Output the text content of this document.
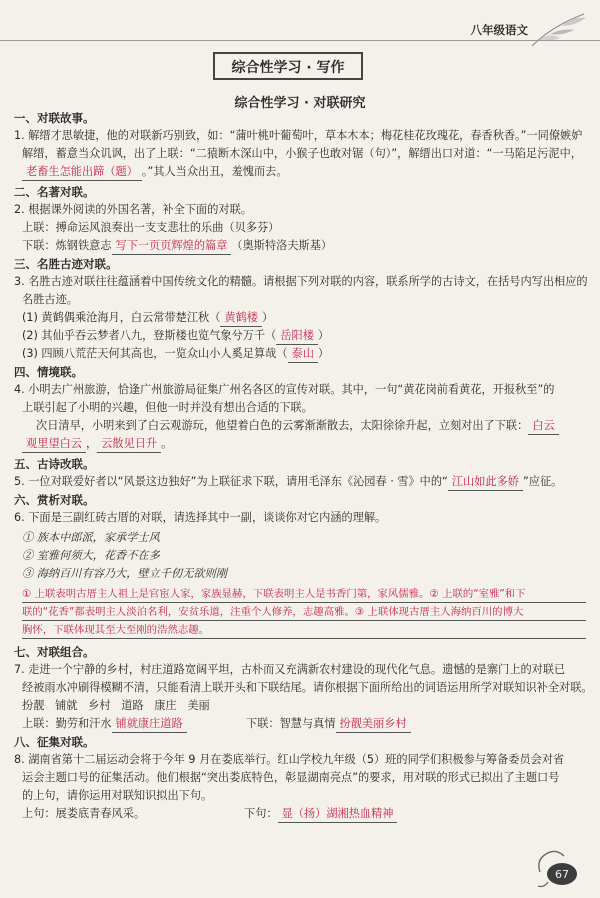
八年级语文
综合性学习 · 写作
综合性学习 · 对联研究
一、对联故事。
1. 解缙才思敏捷，他的对联新巧别致，如：“蒲叶桃叶葡萄叶，草本木本；梅花桂花玫瑰花，春香秋香。”一同僚嫉妒
解缙，蓄意当众讥讽，出了上联：“二猿断木深山中，小猴子也敢对锯（句）”，解缙出口对道：“一马陷足污泥中，
老畜生怎能出蹄（题） 。”其人当众出丑，羞愧而去。
二、名著对联。
2. 根据课外阅读的外国名著，补全下面的对联。
上联：搏命运风浪奏出一支支悲壮的乐曲（贝多芬）
下联：炼钢铁意志 写下一页页辉煌的篇章 （奥斯特洛夫斯基）
三、名胜古迹对联。
3. 名胜古迹对联往往蕴涵着中国传统文化的精髓。请根据下列对联的内容，联系所学的古诗文，在括号内写出相应的
名胜古迹。
(1) 黄鹤偶乘沧海月，白云常带楚江秋（ 黄鹤楼 ）
(2) 其仙乎吞云梦者八九，登斯楼也览气象兮万千（ 岳阳楼 ）
(3) 四顾八荒茫天何其高也，一览众山小人奚足算哉（ 泰山 ）
四、情境联。
4. 小明去广州旅游，恰逢广州旅游局征集广州名各区的宣传对联。其中，一句“黄花岗前看黄花，开报秋至”的
上联引起了小明的兴趣，但他一时并没有想出合适的下联。
次日清早，小明来到了白云观游玩，他望着白色的云雾渐渐散去，太阳徐徐升起，立刻对出了下联： 白云
观里望白云 ， 云散见日升 。
五、古诗改联。
5. 一位对联爱好者以“风景这边独好”为上联征求下联，请用毛泽东《沁园春 · 雪》中的“ 江山如此多娇 ”应征。
六、赏析对联。
6. 下面是三副红砖古厝的对联，请选择其中一副，谈谈你对它内涵的理解。
① 族本中郎派，家承学士风
② 室雅何须大，花香不在多
③ 海纳百川有容乃大，壁立千仞无欲则刚
① 上联表明古厝主人祖上是官宦人家，家族显赫，下联表明主人是书香门第，家风儒雅。② 上联的“室雅”和下
联的“花香”都表明主人淡泊名利，安贫乐道，注重个人修养，志趣高雅。③ 上联体现古厝主人海纳百川的博大
胸怀，下联体现其至大至刚的浩然志趣。
七、对联组合。
7. 走进一个宁静的乡村，村庄道路宽阔平坦，古朴而又充满新农村建设的现代化气息。遗憾的是寨门上的对联已
经被雨水冲刷得模糊不清，只能看清上联开头和下联结尾。请你根据下面所给出的词语运用所学对联知识补全对联。
扮靓 铺就 乡村 道路 康庄 美丽
上联：勤劳和汗水 铺就康庄道路	下联：智慧与真情 扮靓美丽乡村
八、征集对联。
8. 湖南省第十二届运动会将于今年 9 月在娄底举行。红山学校九年级（5）班的同学们积极参与筹备委员会对省
运会主题口号的征集活动。他们根据“突出娄底特色，彰显湖南亮点”的要求，用对联的形式已拟出了主题口号
的上句，请你运用对联知识拟出下句。
上句：展娄底青春风采。	下句： 显（扬）湖湘热血精神
67
